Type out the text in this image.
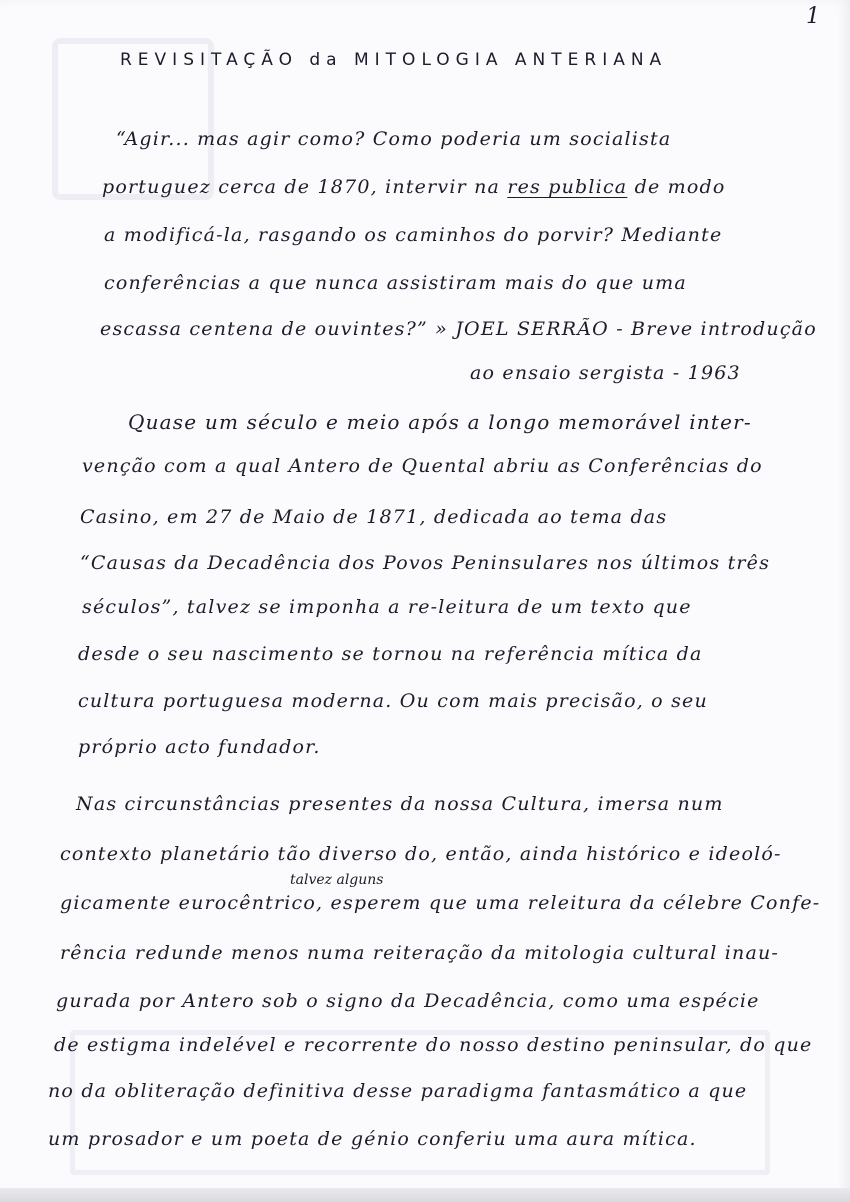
1
REVISITAÇÃO da MITOLOGIA ANTERIANA
“Agir... mas agir como? Como poderia um socialista
portuguez cerca de 1870, intervir na res publica de modo
a modificá-la, rasgando os caminhos do porvir? Mediante
conferências a que nunca assistiram mais do que uma
escassa centena de ouvintes?” » JOEL SERRÃO - Breve introdução
ao ensaio sergista - 1963
Quase um século e meio após a longo memorável inter-
venção com a qual Antero de Quental abriu as Conferências do
Casino, em 27 de Maio de 1871, dedicada ao tema das
“Causas da Decadência dos Povos Peninsulares nos últimos três
séculos”, talvez se imponha a re-leitura de um texto que
desde o seu nascimento se tornou na referência mítica da
cultura portuguesa moderna. Ou com mais precisão, o seu
próprio acto fundador.
Nas circunstâncias presentes da nossa Cultura, imersa num
contexto planetário tão diverso do, então, ainda histórico e ideoló-
talvez alguns
gicamente eurocêntrico, esperem que uma releitura da célebre Confe-
rência redunde menos numa reiteração da mitologia cultural inau-
gurada por Antero sob o signo da Decadência, como uma espécie
de estigma indelével e recorrente do nosso destino peninsular, do que
no da obliteração definitiva desse paradigma fantasmático a que
um prosador e um poeta de génio conferiu uma aura mítica.
